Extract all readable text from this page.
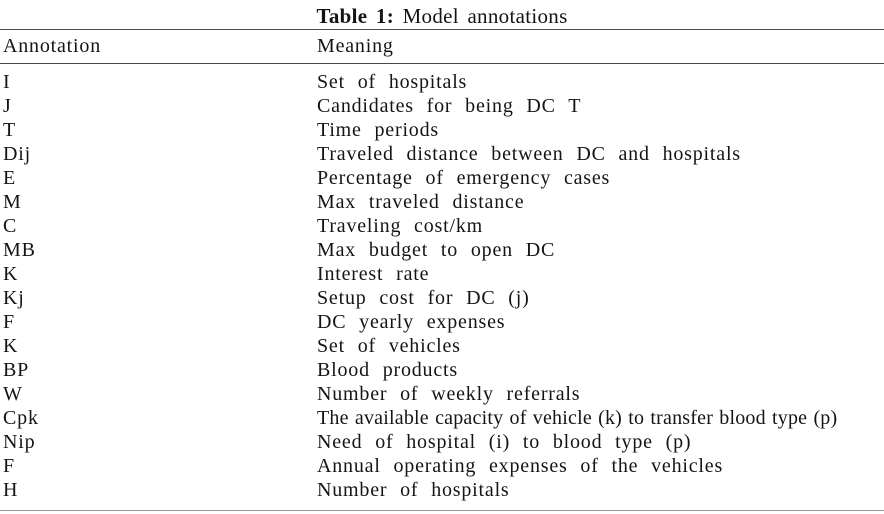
Table 1: Model annotations
Annotation	Meaning
I	Set of hospitals
J	Candidates for being DC T
T	Time periods
Dij	Traveled distance between DC and hospitals
E	Percentage of emergency cases
M	Max traveled distance
C	Traveling cost/km
MB	Max budget to open DC
K	Interest rate
Kj	Setup cost for DC (j)
F	DC yearly expenses
K	Set of vehicles
BP	Blood products
W	Number of weekly referrals
Cpk	The available capacity of vehicle (k) to transfer blood type (p)
Nip	Need of hospital (i) to blood type (p)
F	Annual operating expenses of the vehicles
H	Number of hospitals
